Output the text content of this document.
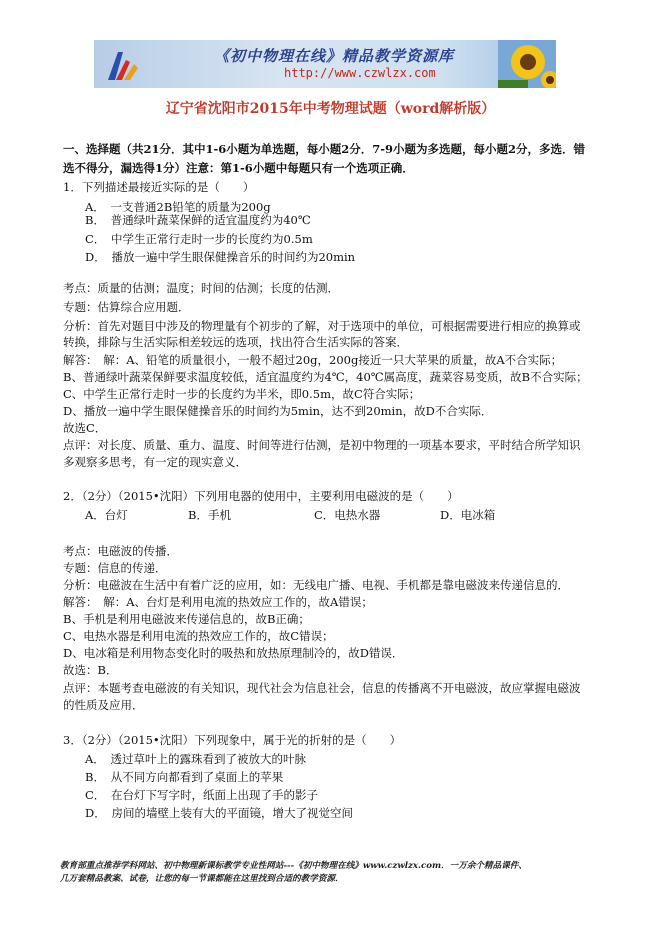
《初中物理在线》精品教学资源库
http://www.czwlzx.com
辽宁省沈阳市2015年中考物理试题（word解析版）
一、选择题（共21分．其中1-6小题为单选题，每小题2分．7-9小题为多选题，每小题2分，多选．错
选不得分，漏选得1分）注意：第1-6小题中每题只有一个选项正确．
1．下列描述最接近实际的是（　　）
A．　一支普通2B铅笔的质量为200g
B．　普通绿叶蔬菜保鲜的适宜温度约为40℃
C．　中学生正常行走时一步的长度约为0.5m
D．　播放一遍中学生眼保健操音乐的时间约为20min
考点：质量的估测；温度；时间的估测；长度的估测．
专题：估算综合应用题．
分析：首先对题目中涉及的物理量有个初步的了解，对于选项中的单位，可根据需要进行相应的换算或
转换，排除与生活实际相差较远的选项，找出符合生活实际的答案．
解答：　解：A、铅笔的质量很小，一般不超过20g，200g接近一只大苹果的质量，故A不合实际；
B、普通绿叶蔬菜保鲜要求温度较低，适宜温度约为4℃，40℃属高度，蔬菜容易变质，故B不合实际；
C、中学生正常行走时一步的长度约为半米，即0.5m，故C符合实际；
D、播放一遍中学生眼保健操音乐的时间约为5min，达不到20min，故D不合实际．
故选C．
点评：对长度、质量、重力、温度、时间等进行估测，是初中物理的一项基本要求，平时结合所学知识
多观察多思考，有一定的现实意义．
2．（2分）（2015•沈阳）下列用电器的使用中，主要利用电磁波的是（　　）
A．台灯	B．手机	C．电热水器	D．电冰箱
考点：电磁波的传播．
专题：信息的传递．
分析：电磁波在生活中有着广泛的应用，如：无线电广播、电视、手机都是靠电磁波来传递信息的．
解答：　解：A、台灯是利用电流的热效应工作的，故A错误；
B、手机是利用电磁波来传递信息的，故B正确；
C、电热水器是利用电流的热效应工作的，故C错误；
D、电冰箱是利用物态变化时的吸热和放热原理制冷的，故D错误．
故选：B．
点评：本题考查电磁波的有关知识，现代社会为信息社会，信息的传播离不开电磁波，故应掌握电磁波
的性质及应用．
3．（2分）（2015•沈阳）下列现象中，属于光的折射的是（　　）
A．　透过草叶上的露珠看到了被放大的叶脉
B．　从不同方向都看到了桌面上的苹果
C．　在台灯下写字时，纸面上出现了手的影子
D．　房间的墙壁上装有大的平面镜，增大了视觉空间
教育部重点推荐学科网站、初中物理新课标教学专业性网站---《初中物理在线》www.czwlzx.com．一万余个精品课件、
几万套精品教案、试卷，让您的每一节课都能在这里找到合适的教学资源．
